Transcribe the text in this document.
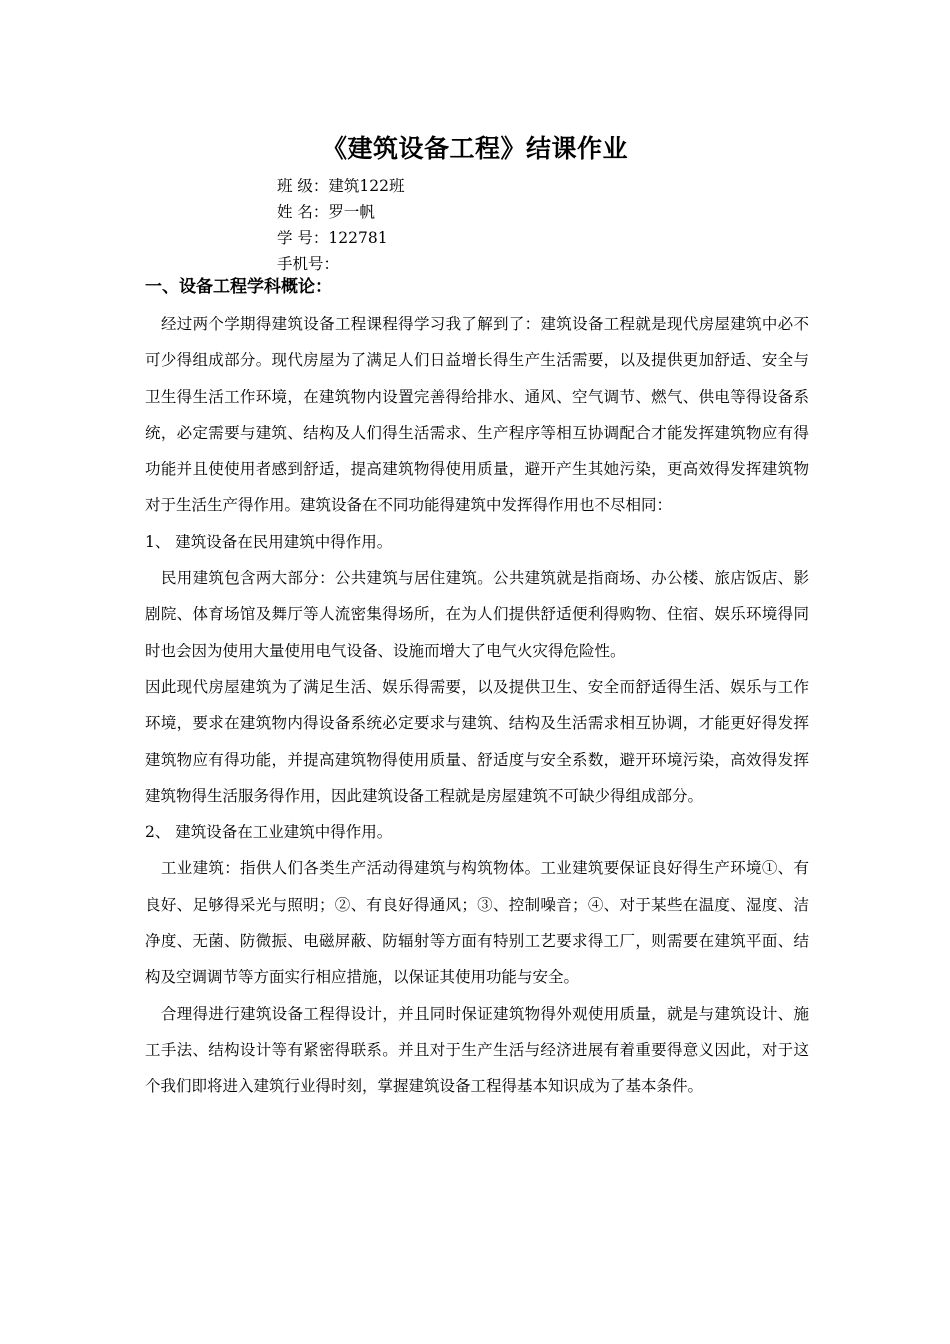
《建筑设备工程》结课作业
班 级：建筑122班
姓 名：罗一帆
学 号：122781
手机号：
一、设备工程学科概论：

经过两个学期得建筑设备工程课程得学习我了解到了：建筑设备工程就是现代房屋建筑中必不可少得组成部分。现代房屋为了满足人们日益增长得生产生活需要，以及提供更加舒适、安全与卫生得生活工作环境，在建筑物内设置完善得给排水、通风、空气调节、燃气、供电等得设备系统，必定需要与建筑、结构及人们得生活需求、生产程序等相互协调配合才能发挥建筑物应有得功能并且使使用者感到舒适，提高建筑物得使用质量，避开产生其她污染，更高效得发挥建筑物对于生活生产得作用。建筑设备在不同功能得建筑中发挥得作用也不尽相同：

1、 建筑设备在民用建筑中得作用。

民用建筑包含两大部分：公共建筑与居住建筑。公共建筑就是指商场、办公楼、旅店饭店、影剧院、体育场馆及舞厅等人流密集得场所，在为人们提供舒适便利得购物、住宿、娱乐环境得同时也会因为使用大量使用电气设备、设施而增大了电气火灾得危险性。

因此现代房屋建筑为了满足生活、娱乐得需要，以及提供卫生、安全而舒适得生活、娱乐与工作环境，要求在建筑物内得设备系统必定要求与建筑、结构及生活需求相互协调，才能更好得发挥建筑物应有得功能，并提高建筑物得使用质量、舒适度与安全系数，避开环境污染，高效得发挥建筑物得生活服务得作用，因此建筑设备工程就是房屋建筑不可缺少得组成部分。

2、 建筑设备在工业建筑中得作用。

工业建筑：指供人们各类生产活动得建筑与构筑物体。工业建筑要保证良好得生产环境①、有良好、足够得采光与照明；②、有良好得通风；③、控制噪音；④、对于某些在温度、湿度、洁净度、无菌、防微振、电磁屏蔽、防辐射等方面有特别工艺要求得工厂，则需要在建筑平面、结构及空调调节等方面实行相应措施，以保证其使用功能与安全。

合理得进行建筑设备工程得设计，并且同时保证建筑物得外观使用质量，就是与建筑设计、施工手法、结构设计等有紧密得联系。并且对于生产生活与经济进展有着重要得意义因此，对于这个我们即将进入建筑行业得时刻，掌握建筑设备工程得基本知识成为了基本条件。
